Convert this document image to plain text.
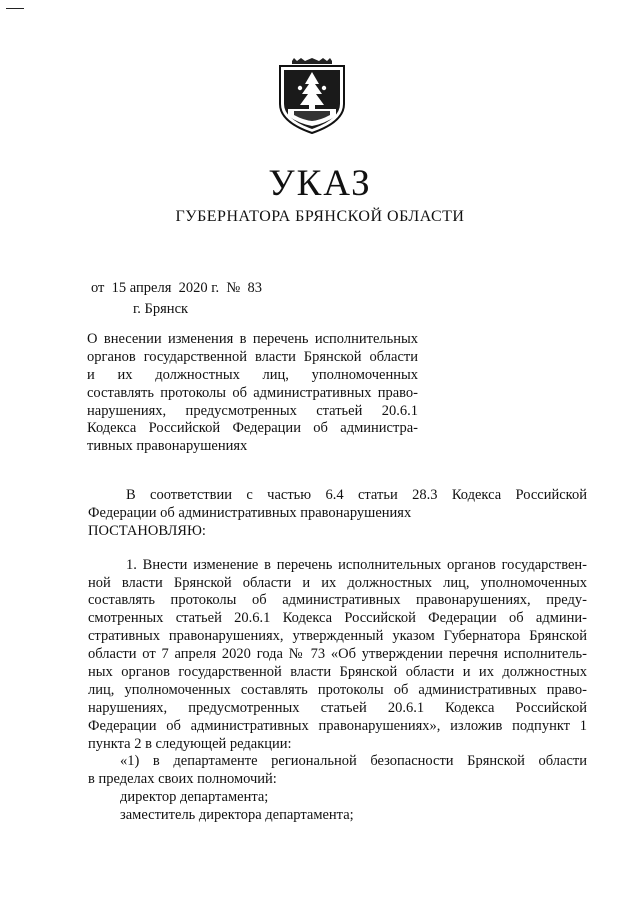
УКАЗ
ГУБЕРНАТОРА БРЯНСКОЙ ОБЛАСТИ
от  15 апреля  2020 г.  №  83
г. Брянск
О внесении изменения в перечень исполнительных
органов государственной власти Брянской области
и их должностных лиц, уполномоченных
составлять протоколы об административных право-
нарушениях, предусмотренных статьей 20.6.1
Кодекса Российской Федерации об администра-
тивных правонарушениях
В соответствии с частью 6.4 статьи 28.3 Кодекса Российской
Федерации об административных правонарушениях
ПОСТАНОВЛЯЮ:
1. Внести изменение в перечень исполнительных органов государствен-
ной власти Брянской области и их должностных лиц, уполномоченных
составлять протоколы об административных правонарушениях, преду-
смотренных статьей 20.6.1 Кодекса Российской Федерации об админи-
стративных правонарушениях, утвержденный указом Губернатора Брянской
области от 7 апреля 2020 года № 73 «Об утверждении перечня исполнитель-
ных органов государственной власти Брянской области и их должностных
лиц, уполномоченных составлять протоколы об административных право-
нарушениях, предусмотренных статьей 20.6.1 Кодекса Российской
Федерации об административных правонарушениях», изложив подпункт 1
пункта 2 в следующей редакции:
«1) в департаменте региональной безопасности Брянской области
в пределах своих полномочий:
директор департамента;
заместитель директора департамента;
